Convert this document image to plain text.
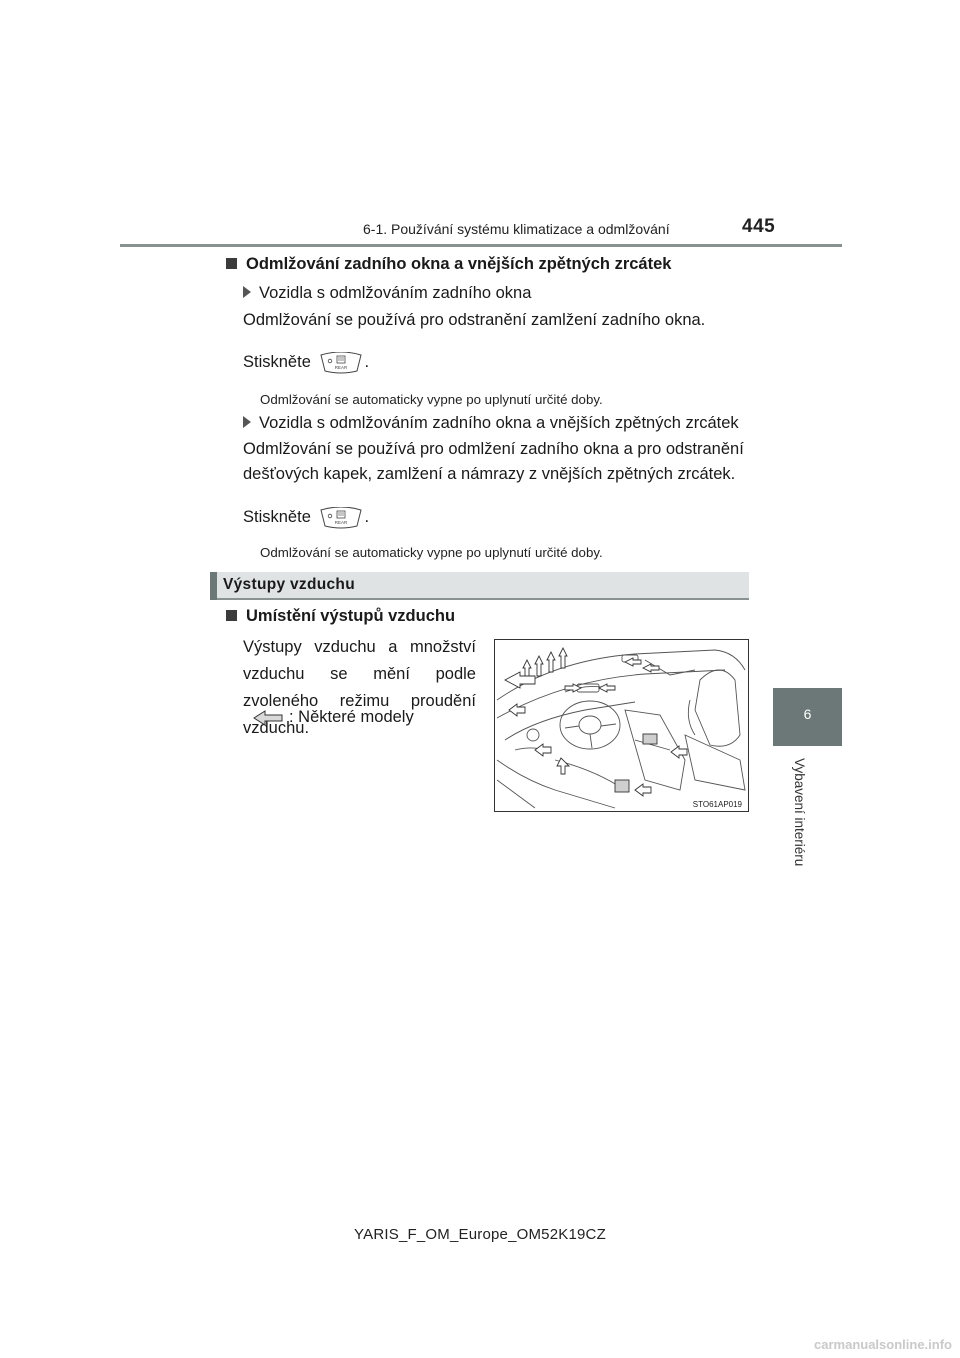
6-1. Používání systému klimatizace a odmlžování	445
6
Vybavení interiéru
Odmlžování zadního okna a vnějších zpětných zrcátek
Vozidla s odmlžováním zadního okna
Odmlžování se používá pro odstranění zamlžení zadního okna.
Stiskněte	REAR .
Odmlžování se automaticky vypne po uplynutí určité doby.
Vozidla s odmlžováním zadního okna a vnějších zpětných zrcátek
Odmlžování se používá pro odmlžení zadního okna a pro odstranění
dešťových kapek, zamlžení a námrazy z vnějších zpětných zrcátek.
Stiskněte	REAR .
Odmlžování se automaticky vypne po uplynutí určité doby.
Výstupy vzduchu
Umístění výstupů vzduchu
Výstupy vzduchu a množství vzduchu se mění podle zvoleného režimu proudění vzduchu.
: Některé modely
STO61AP019
YARIS_F_OM_Europe_OM52K19CZ
carmanualsonline.info
